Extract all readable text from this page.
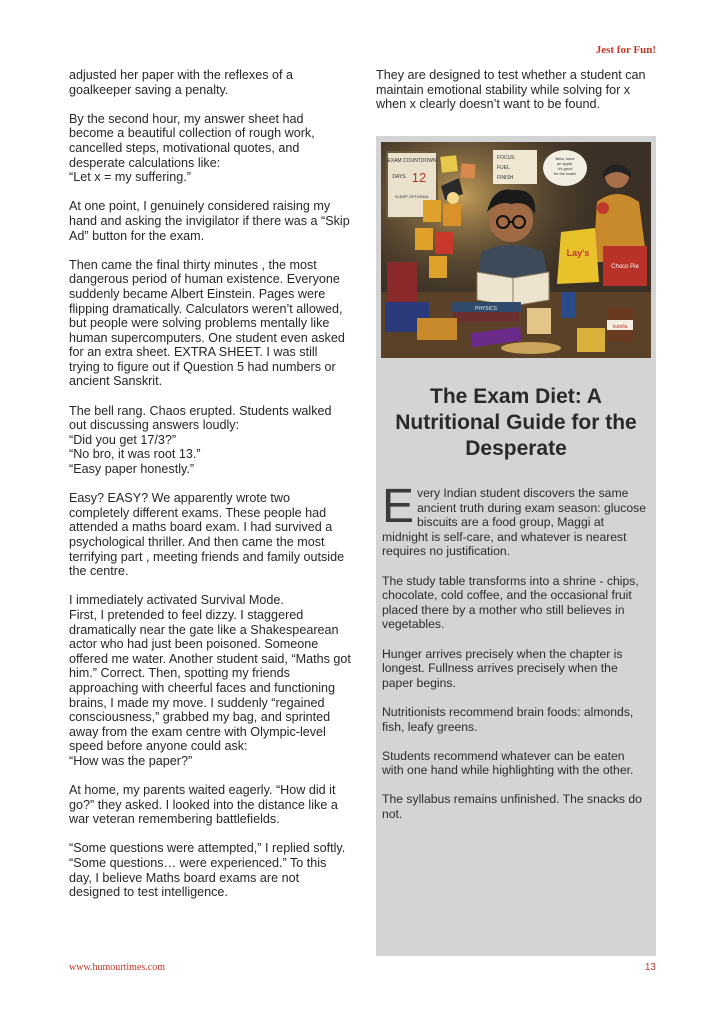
Jest for Fun!

adjusted her paper with the reflexes of a goalkeeper saving a penalty.

By the second hour, my answer sheet had become a beautiful collection of rough work, cancelled steps, motivational quotes, and desperate calculations like:
“Let x = my suffering.”

At one point, I genuinely considered raising my hand and asking the invigilator if there was a “Skip Ad” button for the exam.

Then came the final thirty minutes , the most dangerous period of human existence. Everyone suddenly became Albert Einstein. Pages were flipping dramatically. Calculators weren’t allowed, but people were solving problems mentally like human supercomputers. One student even asked for an extra sheet. EXTRA SHEET. I was still trying to figure out if Question 5 had numbers or ancient Sanskrit.

The bell rang. Chaos erupted. Students walked out discussing answers loudly:
“Did you get 17/3?”
“No bro, it was root 13.”
“Easy paper honestly.”

Easy? EASY? We apparently wrote two completely different exams. These people had attended a maths board exam. I had survived a psychological thriller. And then came the most terrifying part , meeting friends and family outside the centre.

I immediately activated Survival Mode.
First, I pretended to feel dizzy. I staggered dramatically near the gate like a Shakespearean actor who had just been poisoned. Someone offered me water. Another student said, “Maths got him.” Correct. Then, spotting my friends approaching with cheerful faces and functioning brains, I made my move. I suddenly “regained consciousness,” grabbed my bag, and sprinted away from the exam centre with Olympic-level speed before anyone could ask:
“How was the paper?”

At home, my parents waited eagerly. “How did it go?” they asked. I looked into the distance like a war veteran remembering battlefields.

“Some questions were attempted,” I replied softly. “Some questions… were experienced.” To this day, I believe Maths board exams are not designed to test intelligence.

They are designed to test whether a student can maintain emotional stability while solving for x when x clearly doesn’t want to be found.

EXAM COUNTDOWN
DAYS 12
SLEEP OPTIONAL
FOCUS
FUEL
FINISH
Beta, have an apple. It's good for the brain!
PHYSICS
Lay's
Choco Pie
nutella
The Exam Diet: A Nutritional Guide for the Desperate

Every Indian student discovers the same ancient truth during exam season: glucose biscuits are a food group, Maggi at midnight is self-care, and whatever is nearest requires no justification.

The study table transforms into a shrine - chips, chocolate, cold coffee, and the occasional fruit placed there by a mother who still believes in vegetables.

Hunger arrives precisely when the chapter is longest. Fullness arrives precisely when the paper begins.

Nutritionists recommend brain foods: almonds, fish, leafy greens.

Students recommend whatever can be eaten with one hand while highlighting with the other.

The syllabus remains unfinished. The snacks do not.

www.humourtimes.com	13
